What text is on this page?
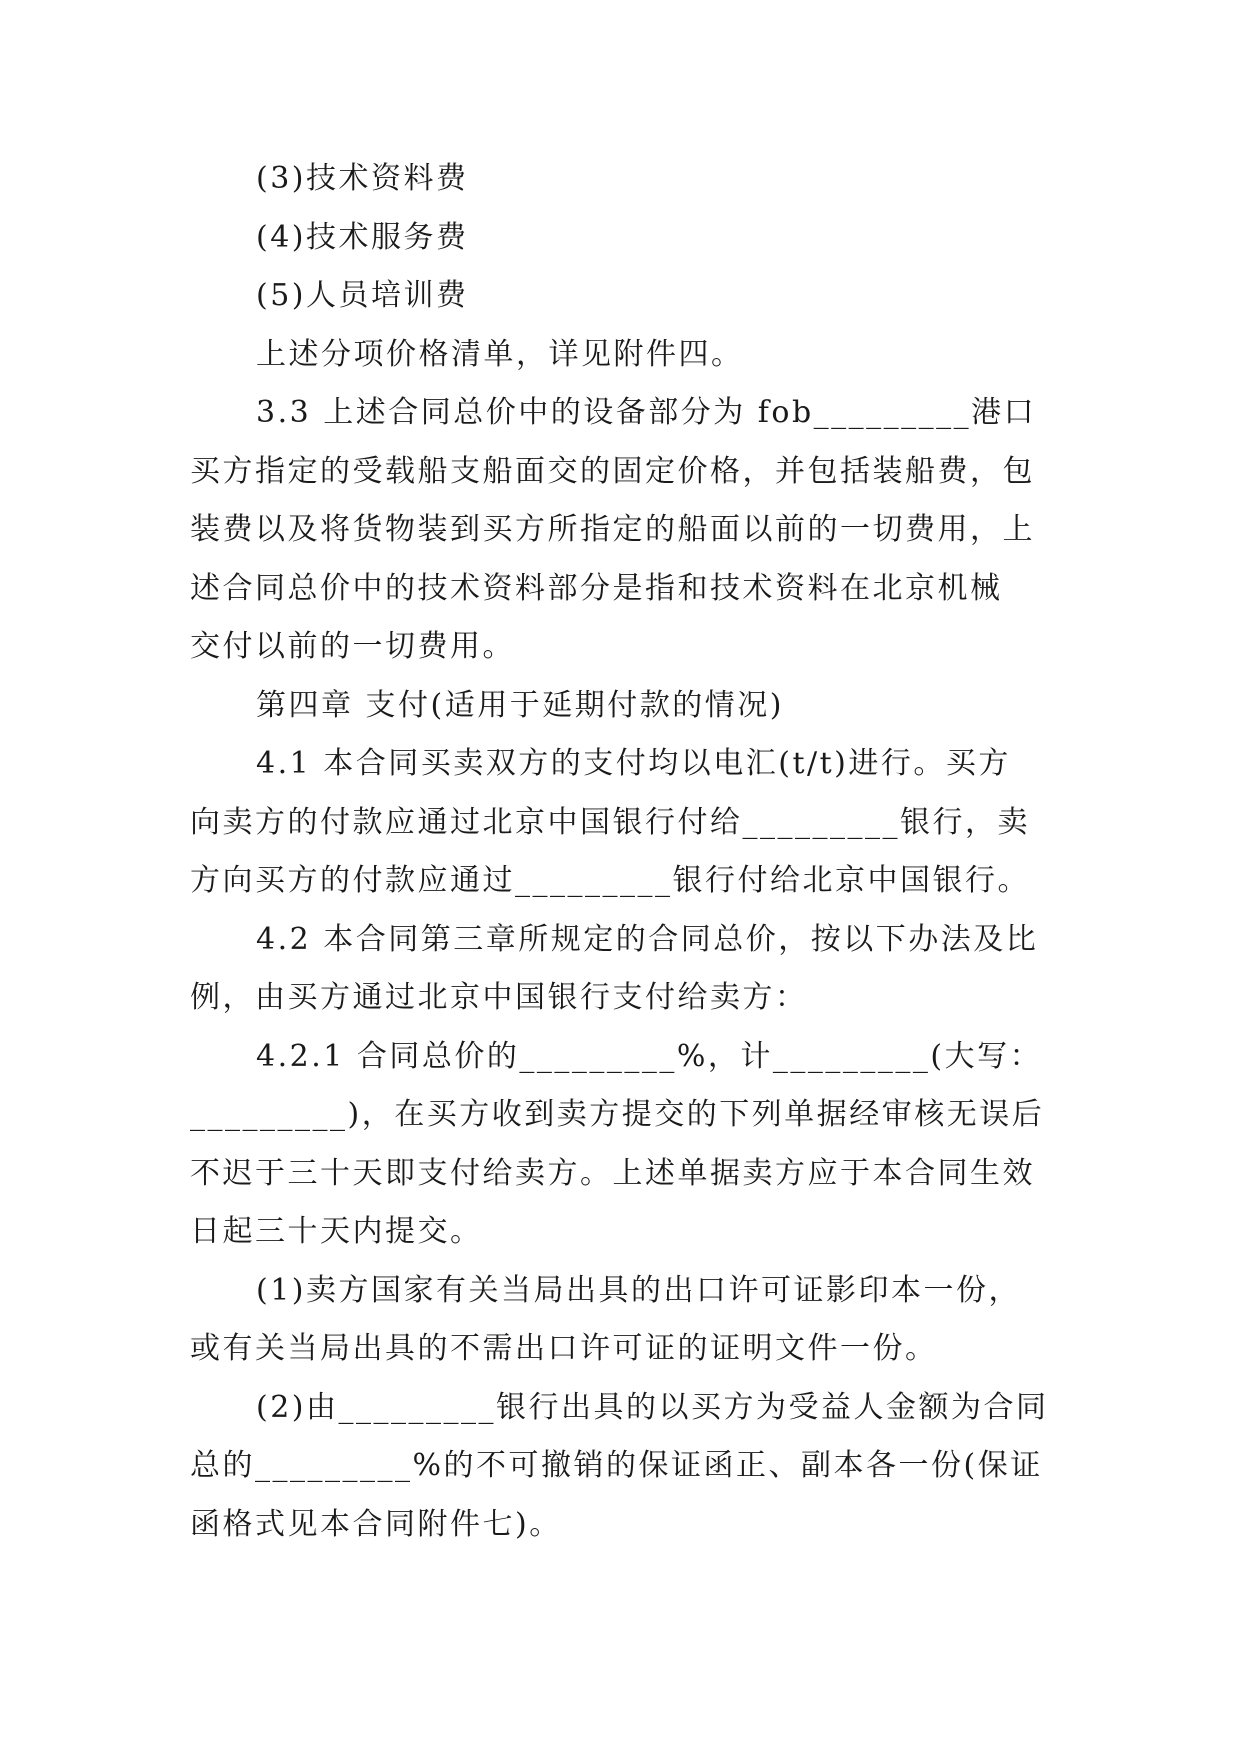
(3)技术资料费

(4)技术服务费

(5)人员培训费

上述分项价格清单，详见附件四。

3.3 上述合同总价中的设备部分为 fob_________港口

买方指定的受载船支船面交的固定价格，并包括装船费，包

装费以及将货物装到买方所指定的船面以前的一切费用，上

述合同总价中的技术资料部分是指和技术资料在北京机械

交付以前的一切费用。

第四章 支付(适用于延期付款的情况)

4.1 本合同买卖双方的支付均以电汇(t/t)进行。买方

向卖方的付款应通过北京中国银行付给_________银行，卖

方向买方的付款应通过_________银行付给北京中国银行。

4.2 本合同第三章所规定的合同总价，按以下办法及比

例，由买方通过北京中国银行支付给卖方：

4.2.1 合同总价的_________%，计_________(大写：

_________)，在买方收到卖方提交的下列单据经审核无误后

不迟于三十天即支付给卖方。上述单据卖方应于本合同生效

日起三十天内提交。

(1)卖方国家有关当局出具的出口许可证影印本一份，

或有关当局出具的不需出口许可证的证明文件一份。

(2)由_________银行出具的以买方为受益人金额为合同

总的_________%的不可撤销的保证函正、副本各一份(保证

函格式见本合同附件七)。
